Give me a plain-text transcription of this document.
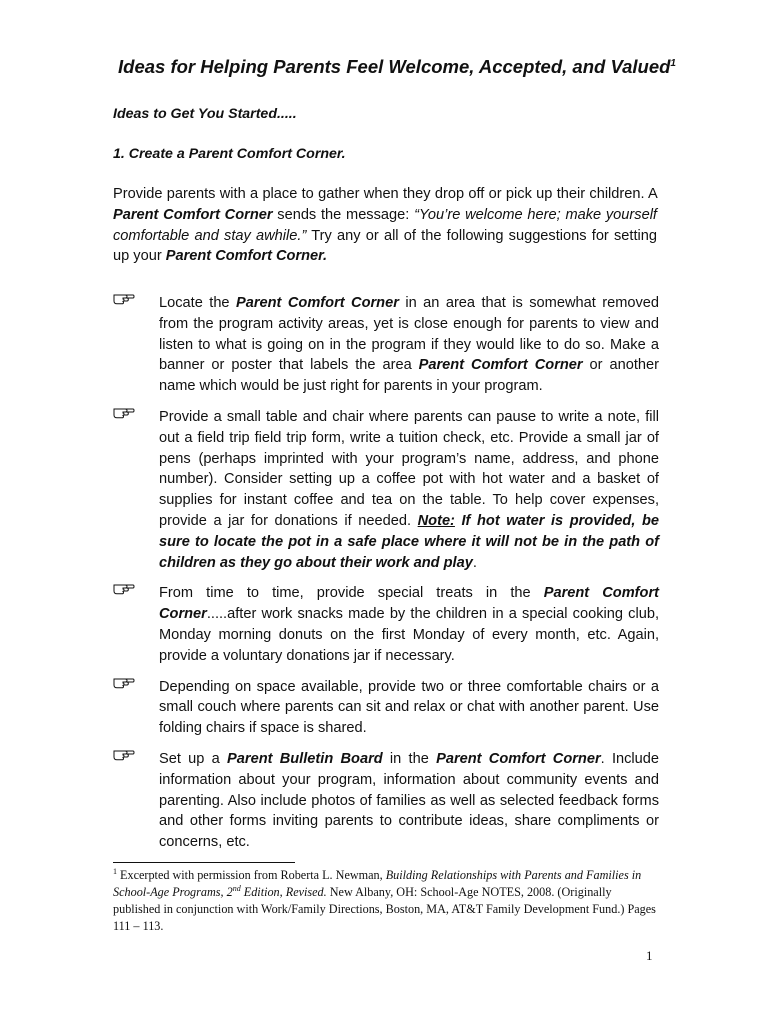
Ideas for Helping Parents Feel Welcome, Accepted, and Valued$^1$
Ideas to Get You Started.....
1. Create a Parent Comfort Corner.
Provide parents with a place to gather when they drop off or pick up their children. A Parent Comfort Corner sends the message: “You’re welcome here; make yourself comfortable and stay awhile.” Try any or all of the following suggestions for setting up your Parent Comfort Corner.
Locate the Parent Comfort Corner in an area that is somewhat removed from the program activity areas, yet is close enough for parents to view and listen to what is going on in the program if they would like to do so. Make a banner or poster that labels the area Parent Comfort Corner or another name which would be just right for parents in your program.
Provide a small table and chair where parents can pause to write a note, fill out a field trip field trip form, write a tuition check, etc. Provide a small jar of pens (perhaps imprinted with your program’s name, address, and phone number). Consider setting up a coffee pot with hot water and a basket of supplies for instant coffee and tea on the table. To help cover expenses, provide a jar for donations if needed. Note: If hot water is provided, be sure to locate the pot in a safe place where it will not be in the path of children as they go about their work and play.
From time to time, provide special treats in the Parent Comfort Corner.....after work snacks made by the children in a special cooking club, Monday morning donuts on the first Monday of every month, etc. Again, provide a voluntary donations jar if necessary.
Depending on space available, provide two or three comfortable chairs or a small couch where parents can sit and relax or chat with another parent. Use folding chairs if space is shared.
Set up a Parent Bulletin Board in the Parent Comfort Corner. Include information about your program, information about community events and parenting. Also include photos of families as well as selected feedback forms and other forms inviting parents to contribute ideas, share compliments or concerns, etc.
$^1$ Excerpted with permission from Roberta L. Newman, Building Relationships with Parents and Families in School-Age Programs, 2nd Edition, Revised. New Albany, OH: School-Age NOTES, 2008. (Originally published in conjunction with Work/Family Directions, Boston, MA, AT&T Family Development Fund.) Pages 111 – 113.
1
